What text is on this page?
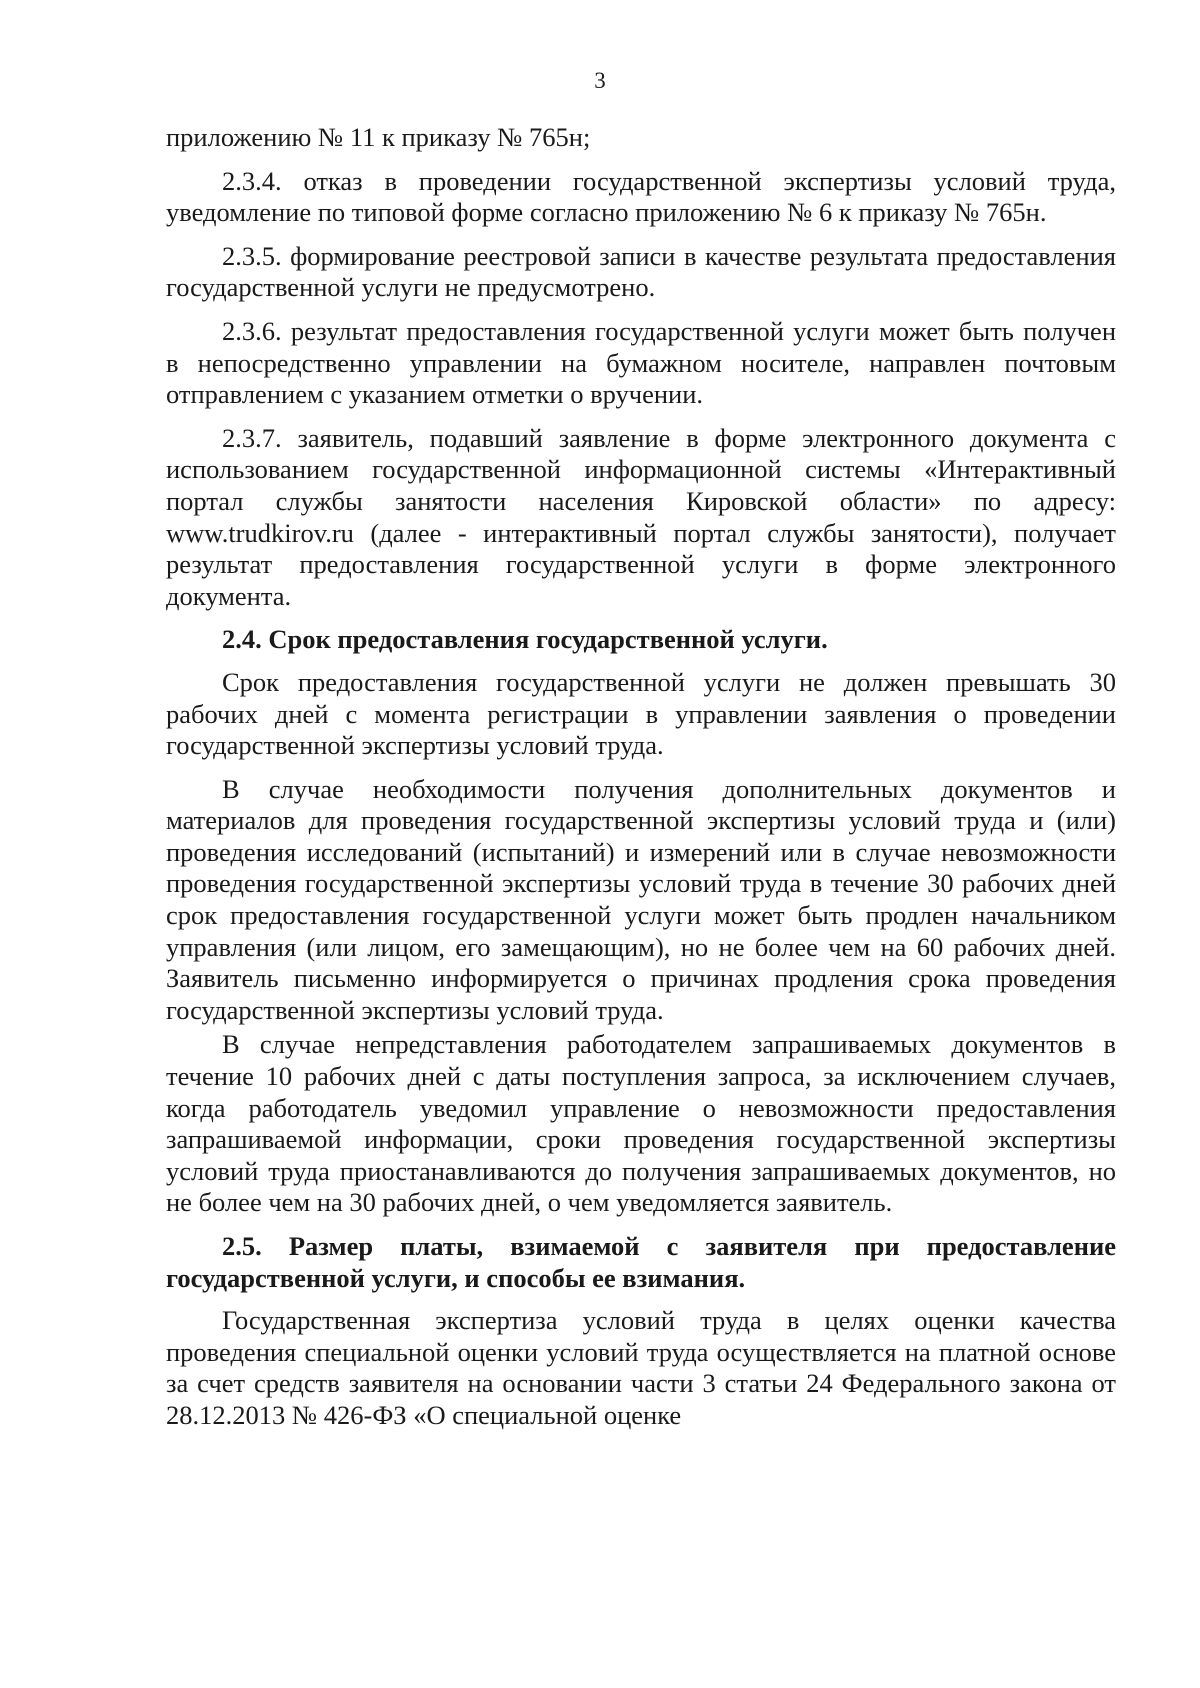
3

приложению № 11 к приказу № 765н;

2.3.4. отказ в проведении государственной экспертизы условий труда, уведомление по типовой форме согласно приложению № 6 к приказу № 765н.

2.3.5. формирование реестровой записи в качестве результата предоставления государственной услуги не предусмотрено.

2.3.6. результат предоставления государственной услуги может быть получен в непосредственно управлении на бумажном носителе, направлен почтовым отправлением с указанием отметки о вручении.

2.3.7. заявитель, подавший заявление в форме электронного документа с использованием государственной информационной системы «Интерактивный портал службы занятости населения Кировской области» по адресу: www.trudkirov.ru (далее - интерактивный портал службы занятости), получает результат предоставления государственной услуги в форме электронного документа.

2.4. Срок предоставления государственной услуги.

Срок предоставления государственной услуги не должен превышать 30 рабочих дней с момента регистрации в управлении заявления о проведении государственной экспертизы условий труда.

В случае необходимости получения дополнительных документов и материалов для проведения государственной экспертизы условий труда и (или) проведения исследований (испытаний) и измерений или в случае невозможности проведения государственной экспертизы условий труда в течение 30 рабочих дней срок предоставления государственной услуги может быть продлен начальником управления (или лицом, его замещающим), но не более чем на 60 рабочих дней. Заявитель письменно информируется о причинах продления срока проведения государственной экспертизы условий труда.

В случае непредставления работодателем запрашиваемых документов в течение 10 рабочих дней с даты поступления запроса, за исключением случаев, когда работодатель уведомил управление о невозможности предоставления запрашиваемой информации, сроки проведения государственной экспертизы условий труда приостанавливаются до получения запрашиваемых документов, но не более чем на 30 рабочих дней, о чем уведомляется заявитель.

2.5. Размер платы, взимаемой с заявителя при предоставление государственной услуги, и способы ее взимания.

Государственная экспертиза условий труда в целях оценки качества проведения специальной оценки условий труда осуществляется на платной основе за счет средств заявителя на основании части 3 статьи 24 Федерального закона от 28.12.2013 № 426-ФЗ «О специальной оценке
